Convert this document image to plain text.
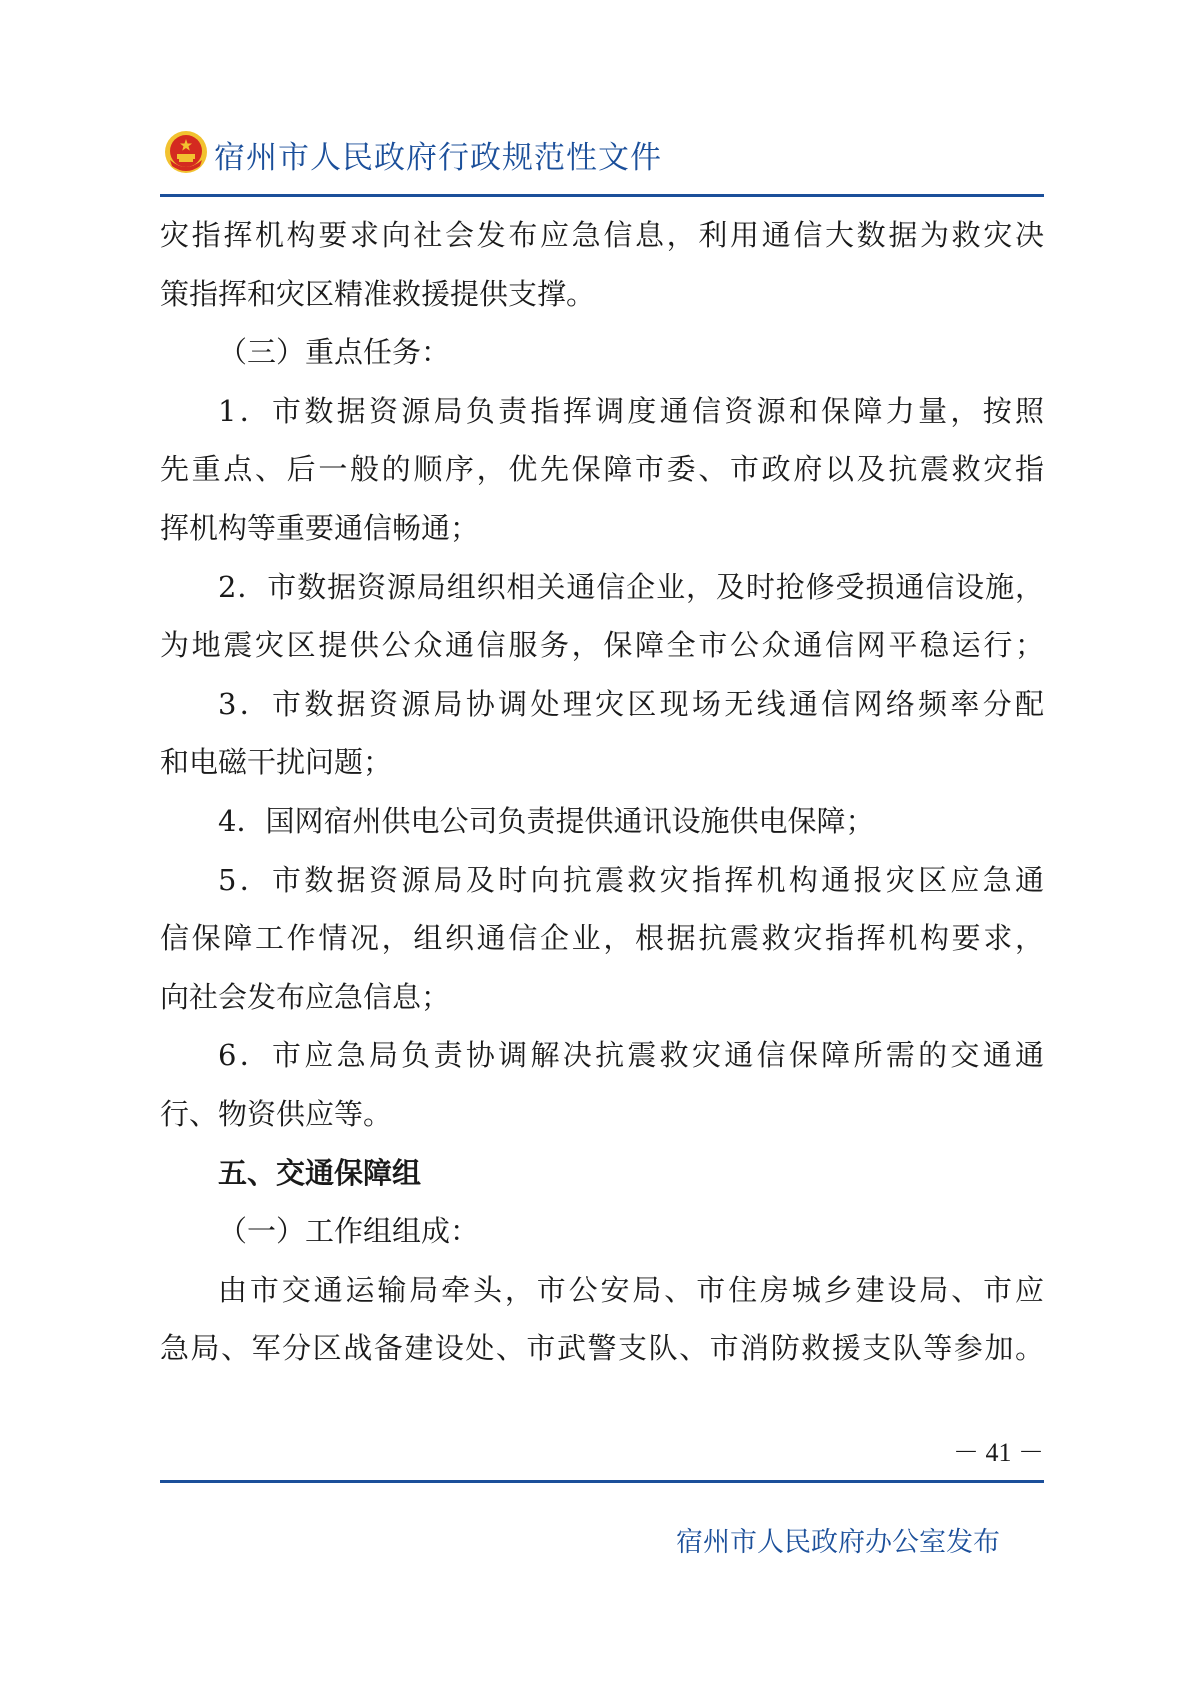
宿州市人民政府行政规范性文件
灾指挥机构要求向社会发布应急信息，利用通信大数据为救灾决
策指挥和灾区精准救援提供支撑。
（三）重点任务：
1．市数据资源局负责指挥调度通信资源和保障力量，按照
先重点、后一般的顺序，优先保障市委、市政府以及抗震救灾指
挥机构等重要通信畅通；
2．市数据资源局组织相关通信企业，及时抢修受损通信设施，
为地震灾区提供公众通信服务，保障全市公众通信网平稳运行；
3．市数据资源局协调处理灾区现场无线通信网络频率分配
和电磁干扰问题；
4．国网宿州供电公司负责提供通讯设施供电保障；
5．市数据资源局及时向抗震救灾指挥机构通报灾区应急通
信保障工作情况，组织通信企业，根据抗震救灾指挥机构要求，
向社会发布应急信息；
6．市应急局负责协调解决抗震救灾通信保障所需的交通通
行、物资供应等。
五、交通保障组
（一）工作组组成：
由市交通运输局牵头，市公安局、市住房城乡建设局、市应
急局、军分区战备建设处、市武警支队、市消防救援支队等参加。
－ 41 －
宿州市人民政府办公室发布
